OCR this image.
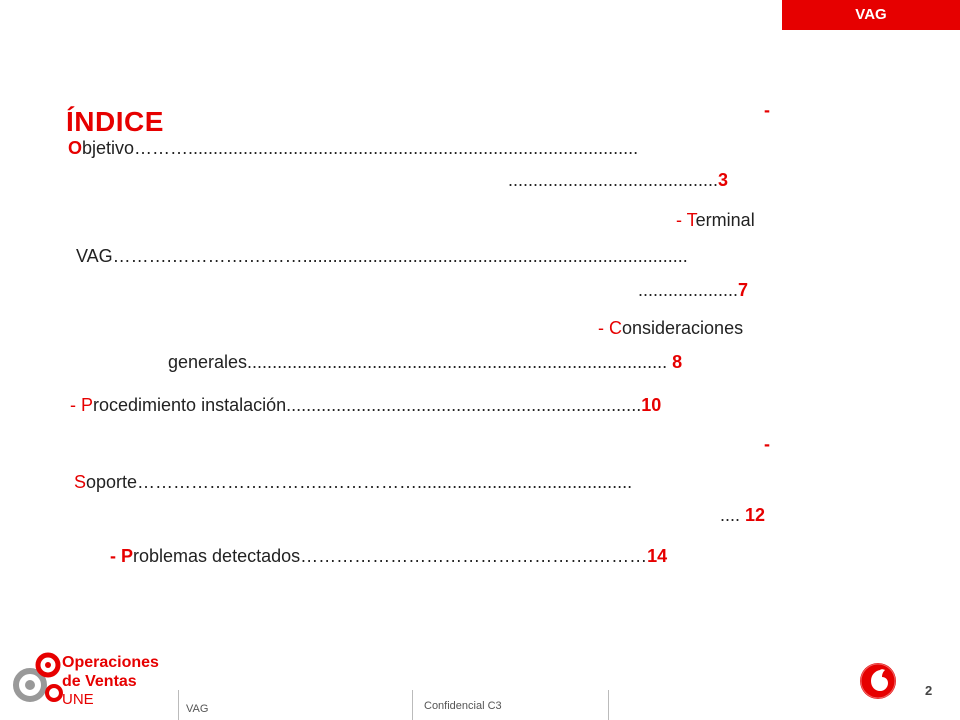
VAG
ÍNDICE	-
Objetivo………..........................................................................................
..........................................3
- Terminal
VAG……….………….……….............................................................................
....................7
- Consideraciones
generales.................................................................................... 8
- Procedimiento instalación.......................................................................10
-
Soporte…………………………..……………...........................................
.... 12
- Problemas detectados………………………………………….………14
Operaciones
de Ventas
UNE
VAG	Confidencial C3
2
